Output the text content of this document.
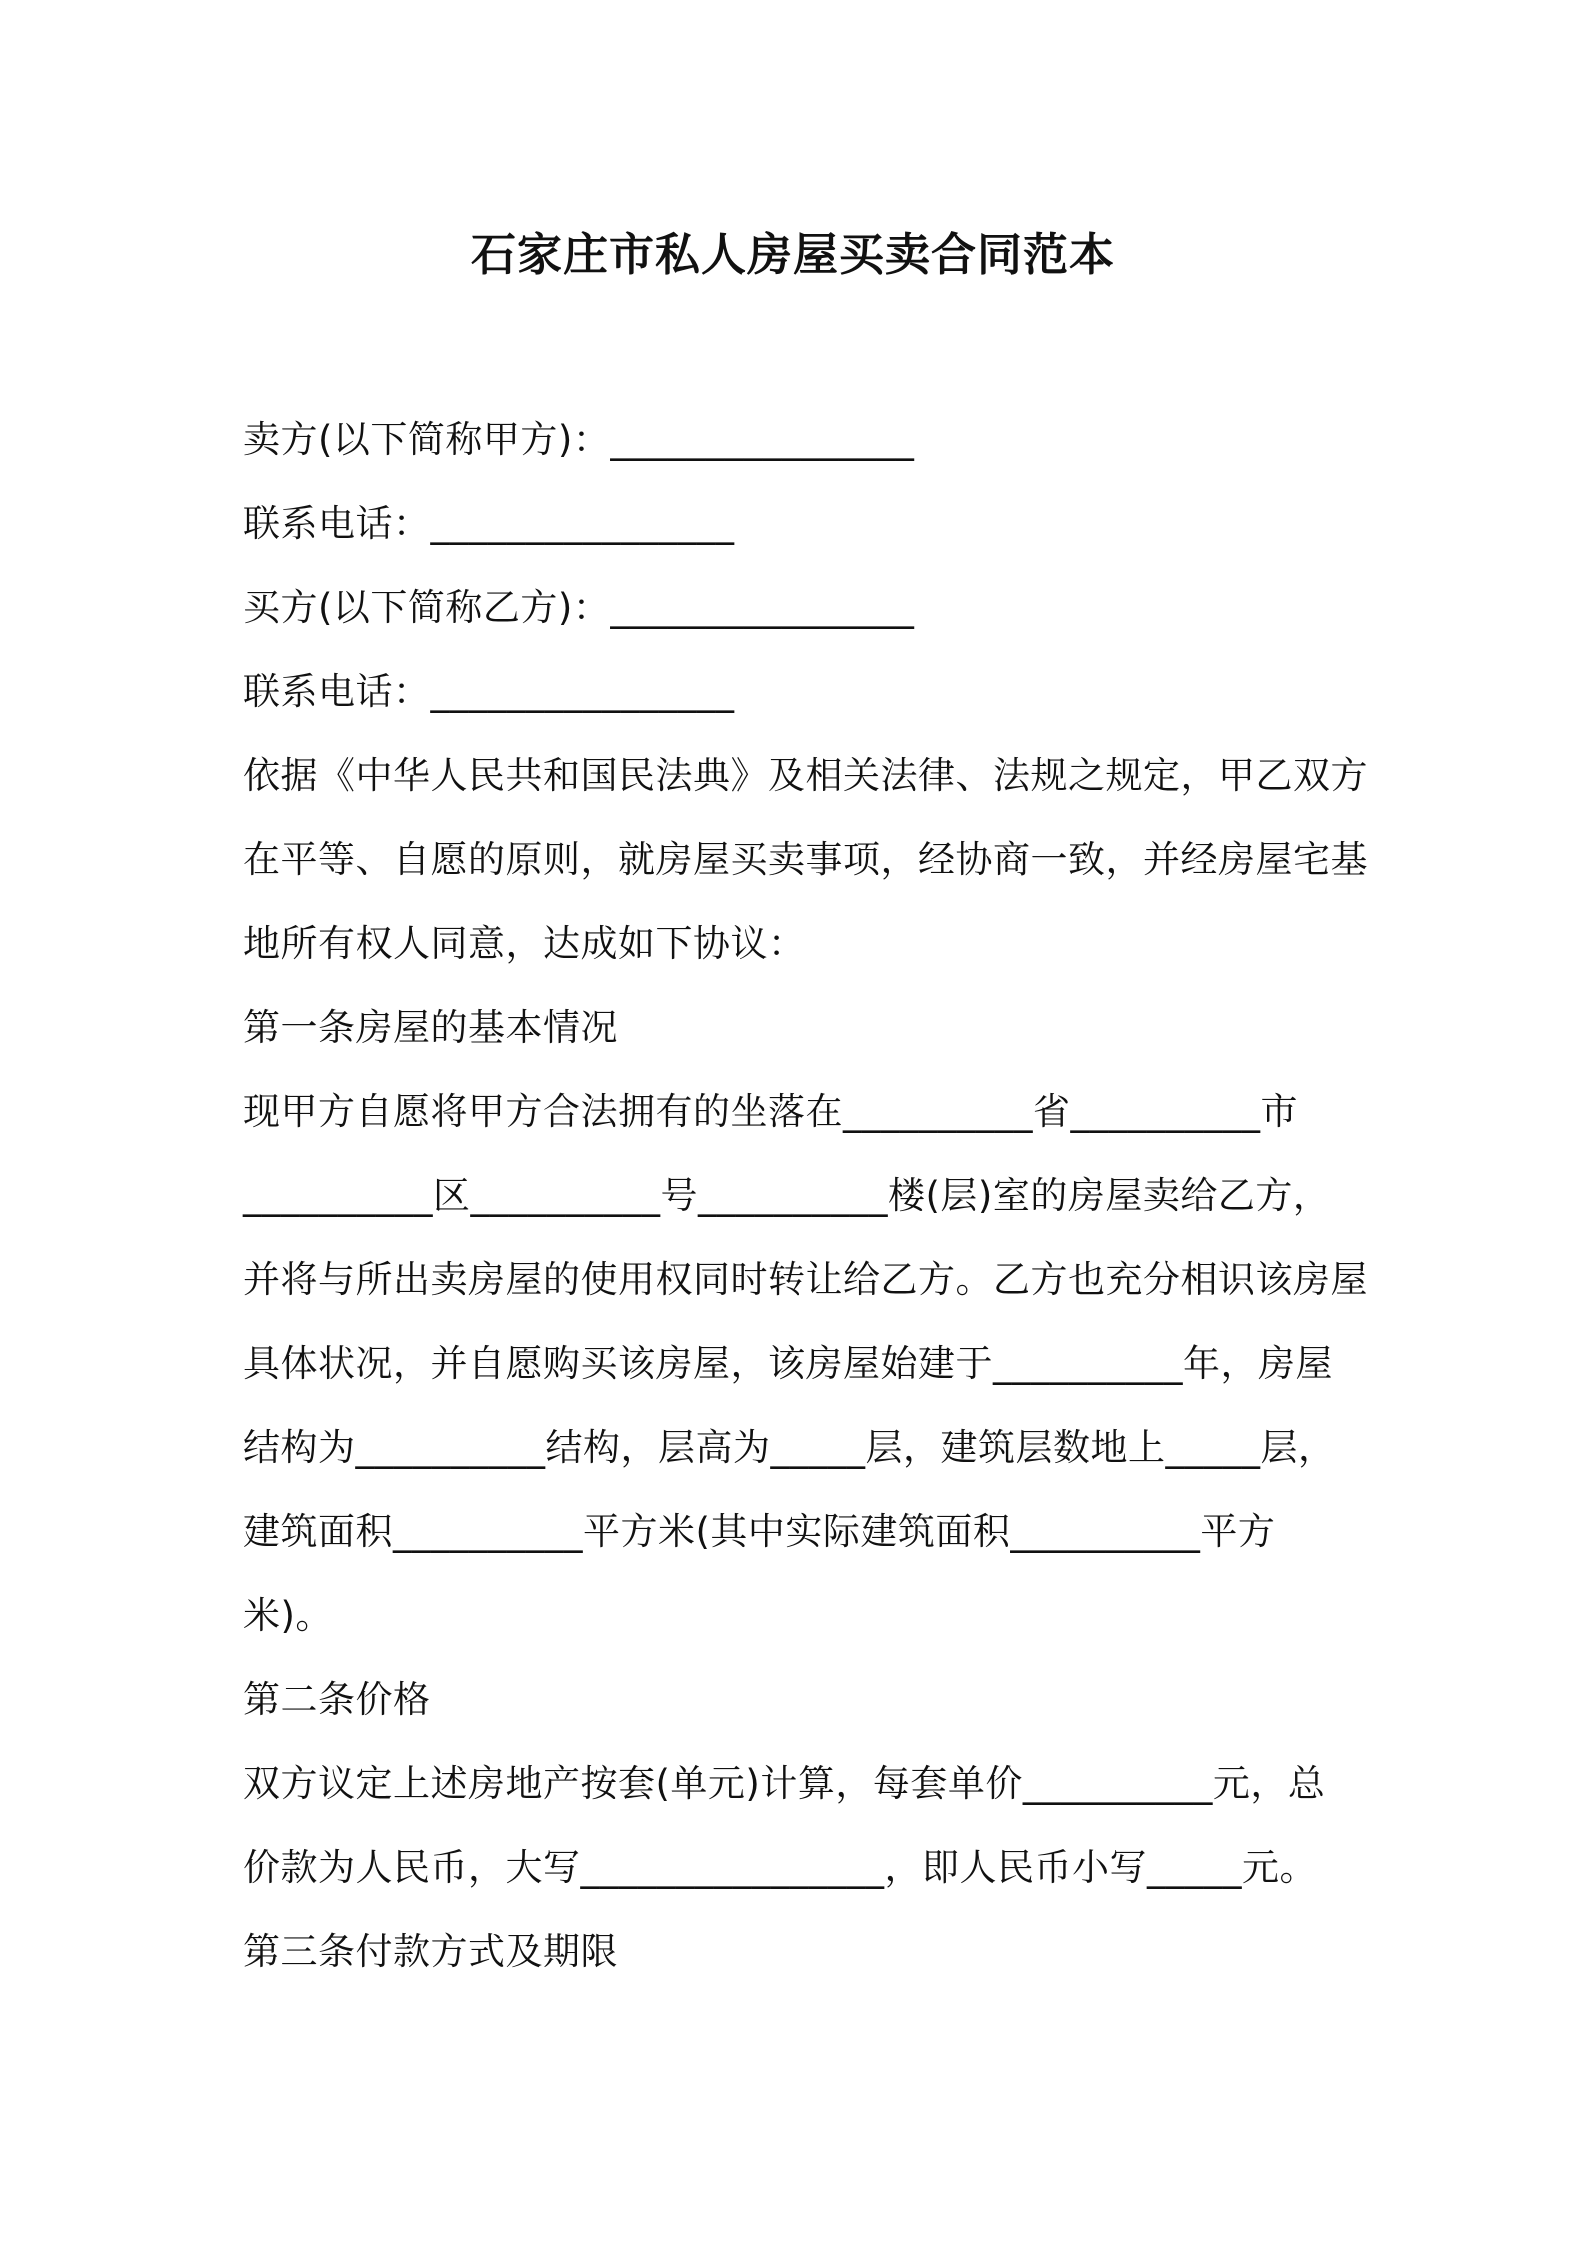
石家庄市私人房屋买卖合同范本
卖方(以下简称甲方)：________________
联系电话：________________
买方(以下简称乙方)：________________
联系电话：________________
依据《中华人民共和国民法典》及相关法律、法规之规定，甲乙双方
在平等、自愿的原则，就房屋买卖事项，经协商一致，并经房屋宅基
地所有权人同意，达成如下协议：
第一条房屋的基本情况
现甲方自愿将甲方合法拥有的坐落在__________省__________市
__________区__________号__________楼(层)室的房屋卖给乙方，
并将与所出卖房屋的使用权同时转让给乙方。乙方也充分相识该房屋
具体状况，并自愿购买该房屋，该房屋始建于__________年，房屋
结构为__________结构，层高为_____层，建筑层数地上_____层，
建筑面积__________平方米(其中实际建筑面积__________平方
米)。
第二条价格
双方议定上述房地产按套(单元)计算，每套单价__________元，总
价款为人民币，大写________________，即人民币小写_____元。
第三条付款方式及期限
